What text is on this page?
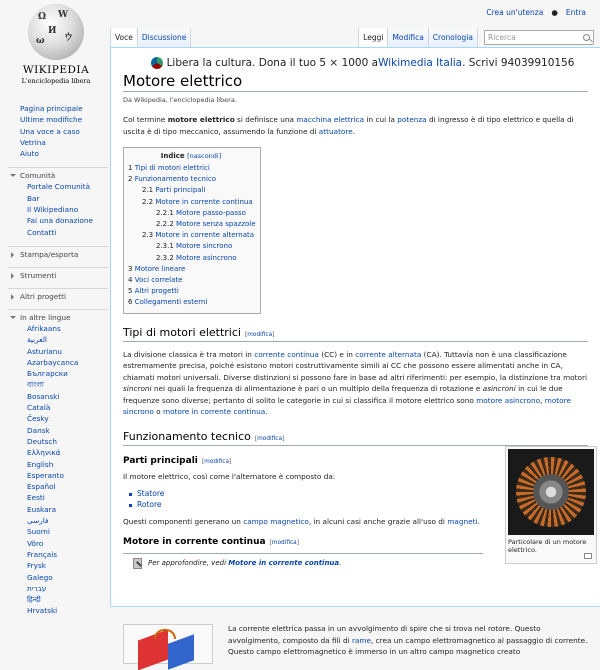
Crea un'utenza ● Entra
Ω W
И
ウ
ω
WIKIPEDIA
L'enciclopedia libera
Voce	Discussione	Leggi	Modifica	Cronologia	Ricerca
Pagina principale
Ultime modifiche
Una voce a caso
Vetrina
Aiuto
Comunità
Portale Comunità
Bar
Il Wikipediano
Fai una donazione
Contatti
Stampa/esporta
Strumenti
Altri progetti
In altre lingue
Afrikaans
العربية
Asturianu
Azərbaycanca
Български
বাংলা
Bosanski
Català
Česky
Dansk
Deutsch
Ελληνικά
English
Esperanto
Español
Eesti
Euskara
فارسی
Suomi
Võro
Français
Frysk
Galego
עברית
हिन्दी
Hrvatski
Libera la cultura. Dona il tuo 5 × 1000 a Wikimedia Italia . Scrivi 94039910156
Motore elettrico
Da Wikipedia, l'enciclopedia libera.

Col termine motore elettrico si definisce una macchina elettrica in cui la potenza di ingresso è di tipo elettrico e quella di uscita è di tipo meccanico, assumendo la funzione di attuatore.

Indice [nascondi]
1 Tipi di motori elettrici
2 Funzionamento tecnico
2.1 Parti principali
2.2 Motore in corrente continua
2.2.1 Motore passo-passo
2.2.2 Motore senza spazzole
2.3 Motore in corrente alternata
2.3.1 Motore sincrono
2.3.2 Motore asincrono
3 Motore lineare
4 Voci correlate
5 Altri progetti
6 Collegamenti esterni
Tipi di motori elettrici [modifica]

La divisione classica è tra motori in corrente continua (CC) e in corrente alternata (CA). Tuttavia non è una classificazione estremamente precisa, poiché esistono motori costruttivamente simili ai CC che possono essere alimentati anche in CA, chiamati motori universali. Diverse distinzioni si possono fare in base ad altri riferimenti: per esempio, la distinzione tra motori sincroni nei quali la frequenza di alimentazione è pari o un multiplo della frequenza di rotazione e asincroni in cui le due frequenze sono diverse; pertanto di solito le categorie in cui si classifica il motore elettrico sono motore asincrono, motore sincrono o motore in corrente continua.

Funzionamento tecnico [modifica]
Parti principali [modifica]

Il motore elettrico, così come l'alternatore è composto da:

Statore
Rotore

Questi componenti generano un campo magnetico, in alcuni casi anche grazie all'uso di magneti.

Motore in corrente continua [modifica]
Per approfondire, vedi Motore in corrente continua.
Particolare di un motore elettrico.
La corrente elettrica passa in un avvolgimento di spire che si trova nel rotore. Questo avvolgimento, composto da fili di rame, crea un campo elettromagnetico al passaggio di corrente. Questo campo elettromagnetico è immerso in un altro campo magnetico creato
